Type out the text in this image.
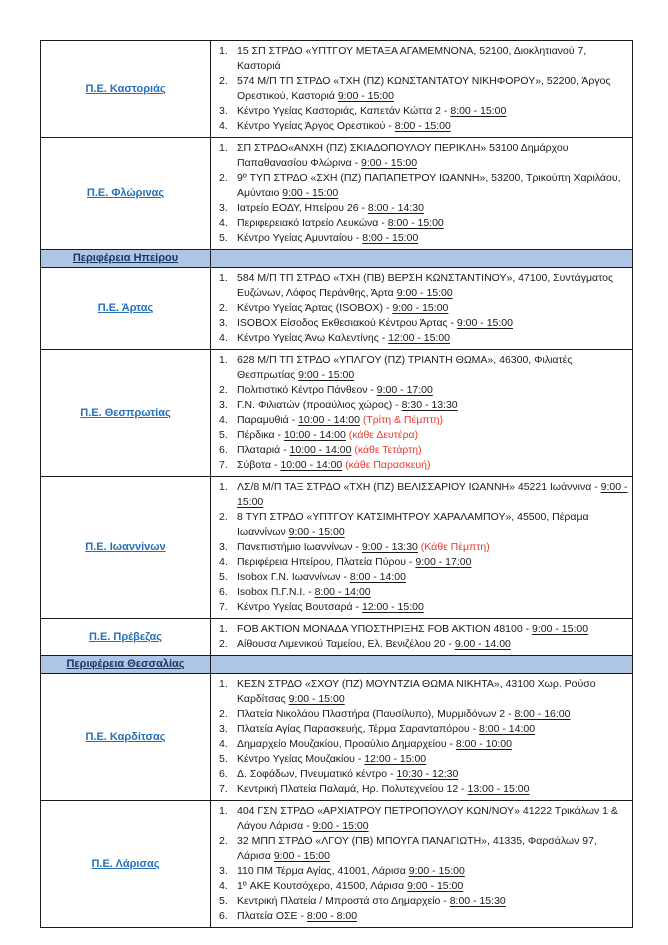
Π.Ε. Καστοριάς	
1. 15 ΣΠ ΣΤΡΔΟ «ΥΠΤΓΟΥ ΜΕΤΑΞΑ ΑΓΑΜΕΜΝΟΝΑ, 52100, Διοκλητιανού 7, Καστοριά
2. 574 Μ/Π ΤΠ ΣΤΡΔΟ «ΤΧΗ (ΠΖ) ΚΩΝΣΤΑΝΤΑΤΟΥ ΝΙΚΗΦΟΡΟΥ», 52200, Άργος Ορεστικού, Καστοριά 9:00 - 15:00
3. Κέντρο Υγείας Καστοριάς, Καπετάν Κώττα 2 - 8:00 - 15:00
4. Κέντρο Υγείας Άργος Ορεστικού - 8:00 - 15:00

Π.Ε. Φλώρινας	
1. ΣΠ ΣΤΡΔΟ«ΑΝΧΗ (ΠΖ) ΣΚΙΑΔΟΠΟΥΛΟΥ ΠΕΡΙΚΛΗ» 53100 Δημάρχου Παπαθανασίου Φλώρινα - 9:00 - 15:00
2. 9º ΤΥΠ ΣΤΡΔΟ «ΣΧΗ (ΠΖ) ΠΑΠΑΠΕΤΡΟΥ ΙΩΑΝΝΗ», 53200, Τρικούπη Χαριλάου, Αμύνταιο 9:00 - 15:00
3. Ιατρείο ΕΟΔΥ, Ηπείρου 26 - 8:00 - 14:30
4. Περιφερειακό Ιατρείο Λευκώνα - 8:00 - 15:00
5. Κέντρο Υγείας Αμυνταίου - 8:00 - 15:00

Περιφέρεια Ηπείρου	

Π.Ε. Άρτας	
1. 584 Μ/Π ΤΠ ΣΤΡΔΟ «ΤΧΗ (ΠΒ) ΒΕΡΣΗ ΚΩΝΣΤΑΝΤΙΝΟΥ», 47100, Συντάγματος Ευζώνων, Λόφος Περάνθης, Άρτα 9:00 - 15:00
2. Κέντρο Υγείας Άρτας (ISOBOX) - 9:00 - 15:00
3. ISOBOX Είσοδος Εκθεσιακού Κέντρου Άρτας - 9:00 - 15:00
4. Κέντρο Υγείας Άνω Καλεντίνης - 12:00 - 15:00

Π.Ε. Θεσπρωτίας	
1. 628 Μ/Π ΤΠ ΣΤΡΔΟ «ΥΠΛΓΟΥ (ΠΖ) ΤΡΙΑΝΤΗ ΘΩΜΑ», 46300, Φιλιατές Θεσπρωτίας 9:00 - 15:00
2. Πολιτιστικό Κέντρο Πάνθεον - 9:00 - 17:00
3. Γ.Ν. Φιλιατών (προαύλιος χώρος) - 8:30 - 13:30
4. Παραμυθιά - 10:00 - 14:00 (Τρίτη & Πέμπτη)
5. Πέρδικα - 10:00 - 14:00 (κάθε Δευτέρα)
6. Πλαταριά - 10:00 - 14:00 (κάθε Τετάρτη)
7. Σύβοτα - 10:00 - 14:00 (κάθε Παρασκευή)

Π.Ε. Ιωαννίνων	
1. ΛΣ/8 Μ/Π ΤΑΞ ΣΤΡΔΟ «ΤΧΗ (ΠΖ) ΒΕΛΙΣΣΑΡΙΟΥ ΙΩΑΝΝΗ» 45221 Ιωάννινα - 9:00 - 15:00
2. 8 ΤΥΠ ΣΤΡΔΟ «ΥΠΤΓΟΥ ΚΑΤΣΙΜΗΤΡΟΥ ΧΑΡΑΛΑΜΠΟΥ», 45500, Πέραμα Ιωαννίνων 9:00 - 15:00
3. Πανεπιστήμιο Ιωαννίνων - 9:00 - 13:30 (Κάθε Πέμπτη)
4. Περιφέρεια Ηπείρου, Πλατεία Πύρου - 9:00 - 17:00
5. Isobox Γ.Ν. Ιωαννίνων - 8:00 - 14:00
6. Isobox Π.Γ.Ν.Ι. - 8:00 - 14:00
7. Κέντρο Υγείας Βουτσαρά - 12:00 - 15:00

Π.Ε. Πρέβεζας	1. FOB AKTION ΜΟΝΑΔΑ ΥΠΟΣΤΗΡΙΞΗΣ FOB AKTION 48100 - 9:00 - 15:00
2. Αίθουσα Λιμενικού Ταμείου, Ελ. Βενιζέλου 20 - 9.00 - 14.00

Περιφέρεια Θεσσαλίας	

Π.Ε. Καρδίτσας	
1. ΚΕΣΝ ΣΤΡΔΟ «ΣΧΟΥ (ΠΖ) ΜΟΥΝΤΖΙΑ ΘΩΜΑ ΝΙΚΗΤΑ», 43100 Χωρ. Ρούσο Καρδίτσας 9:00 - 15:00
2. Πλατεία Νικολάου Πλαστήρα (Παυσίλυπο), Μυρμιδόνων 2 - 8:00 - 16:00
3. Πλατεία Αγίας Παρασκευής, Τέρμα Σαρανταπόρου - 8:00 - 14:00
4. Δημαρχείο Μουζακίου, Προαύλιο Δημαρχείου - 8:00 - 10:00
5. Κέντρο Υγείας Μουζακίου - 12:00 - 15:00
6. Δ. Σοφάδων, Πνευματικό κέντρο - 10:30 - 12:30
7. Κεντρική Πλατεία Παλαμά, Ηρ. Πολυτεχνείου 12 - 13:00 - 15:00

Π.Ε. Λάρισας	
1. 404 ΓΣΝ ΣΤΡΔΟ «ΑΡΧΙΑΤΡΟΥ ΠΕΤΡΟΠΟΥΛΟΥ ΚΩΝ/ΝΟΥ» 41222 Τρικάλων 1 & Λάγου Λάρισα - 9:00 - 15:00
2. 32 ΜΠΠ ΣΤΡΔΟ «ΛΓΟΥ (ΠΒ) ΜΠΟΥΓΑ ΠΑΝΑΓΙΩΤΗ», 41335, Φαρσάλων 97, Λάρισα 9:00 - 15:00
3. 110 ΠΜ Τέρμα Αγίας, 41001, Λάρισα 9:00 - 15:00
4. 1º ΑΚΕ Κουτσόχερο, 41500, Λάρισα 9:00 - 15:00
5. Κεντρική Πλατεία / Μπροστά στο Δημαρχείο - 8:00 - 15:30
6. Πλατεία ΟΣΕ - 8:00 - 8:00
